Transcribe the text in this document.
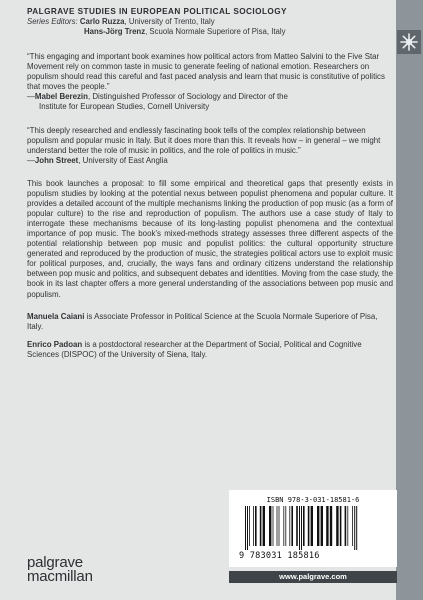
PALGRAVE STUDIES IN EUROPEAN POLITICAL SOCIOLOGY
Series Editors: Carlo Ruzza, University of Trento, Italy
Hans-Jörg Trenz, Scuola Normale Superiore of Pisa, Italy

“This engaging and important book examines how political actors from Matteo Salvini to the Five Star Movement rely on common taste in music to generate feeling of national emotion. Researchers on populism should read this careful and fast paced analysis and learn that music is constitutive of politics that moves the people.”

—Mabel Berezin, Distinguished Professor of Sociology and Director of the
Institute for European Studies, Cornell University

“This deeply researched and endlessly fascinating book tells of the complex relationship between populism and popular music in Italy. But it does more than this. It reveals how – in general – we might understand better the role of music in politics, and the role of politics in music.”

—John Street, University of East Anglia

This book launches a proposal: to fill some empirical and theoretical gaps that presently exists in populism studies by looking at the potential nexus between populist phenomena and popular culture. It provides a detailed account of the multiple mechanisms linking the production of pop music (as a form of popular culture) to the rise and reproduction of populism. The authors use a case study of Italy to interrogate these mechanisms because of its long-lasting populist phenomena and the contextual importance of pop music. The book’s mixed-methods strategy assesses three different aspects of the potential relationship between pop music and populist politics: the cultural opportunity structure generated and reproduced by the production of music, the strategies political actors use to exploit music for political purposes, and, crucially, the ways fans and ordinary citizens understand the relationship between pop music and politics, and subsequent debates and identities. Moving from the case study, the book in its last chapter offers a more general understanding of the associations between pop music and populism.

Manuela Caiani is Associate Professor in Political Science at the Scuola Normale Superiore of Pisa, Italy.

Enrico Padoan is a postdoctoral researcher at the Department of Social, Political and Cognitive Sciences (DISPOC) of the University of Siena, Italy.

palgrave
macmillan
ISBN 978-3-031-18581-6
9 783031 185816
www.palgrave.com
